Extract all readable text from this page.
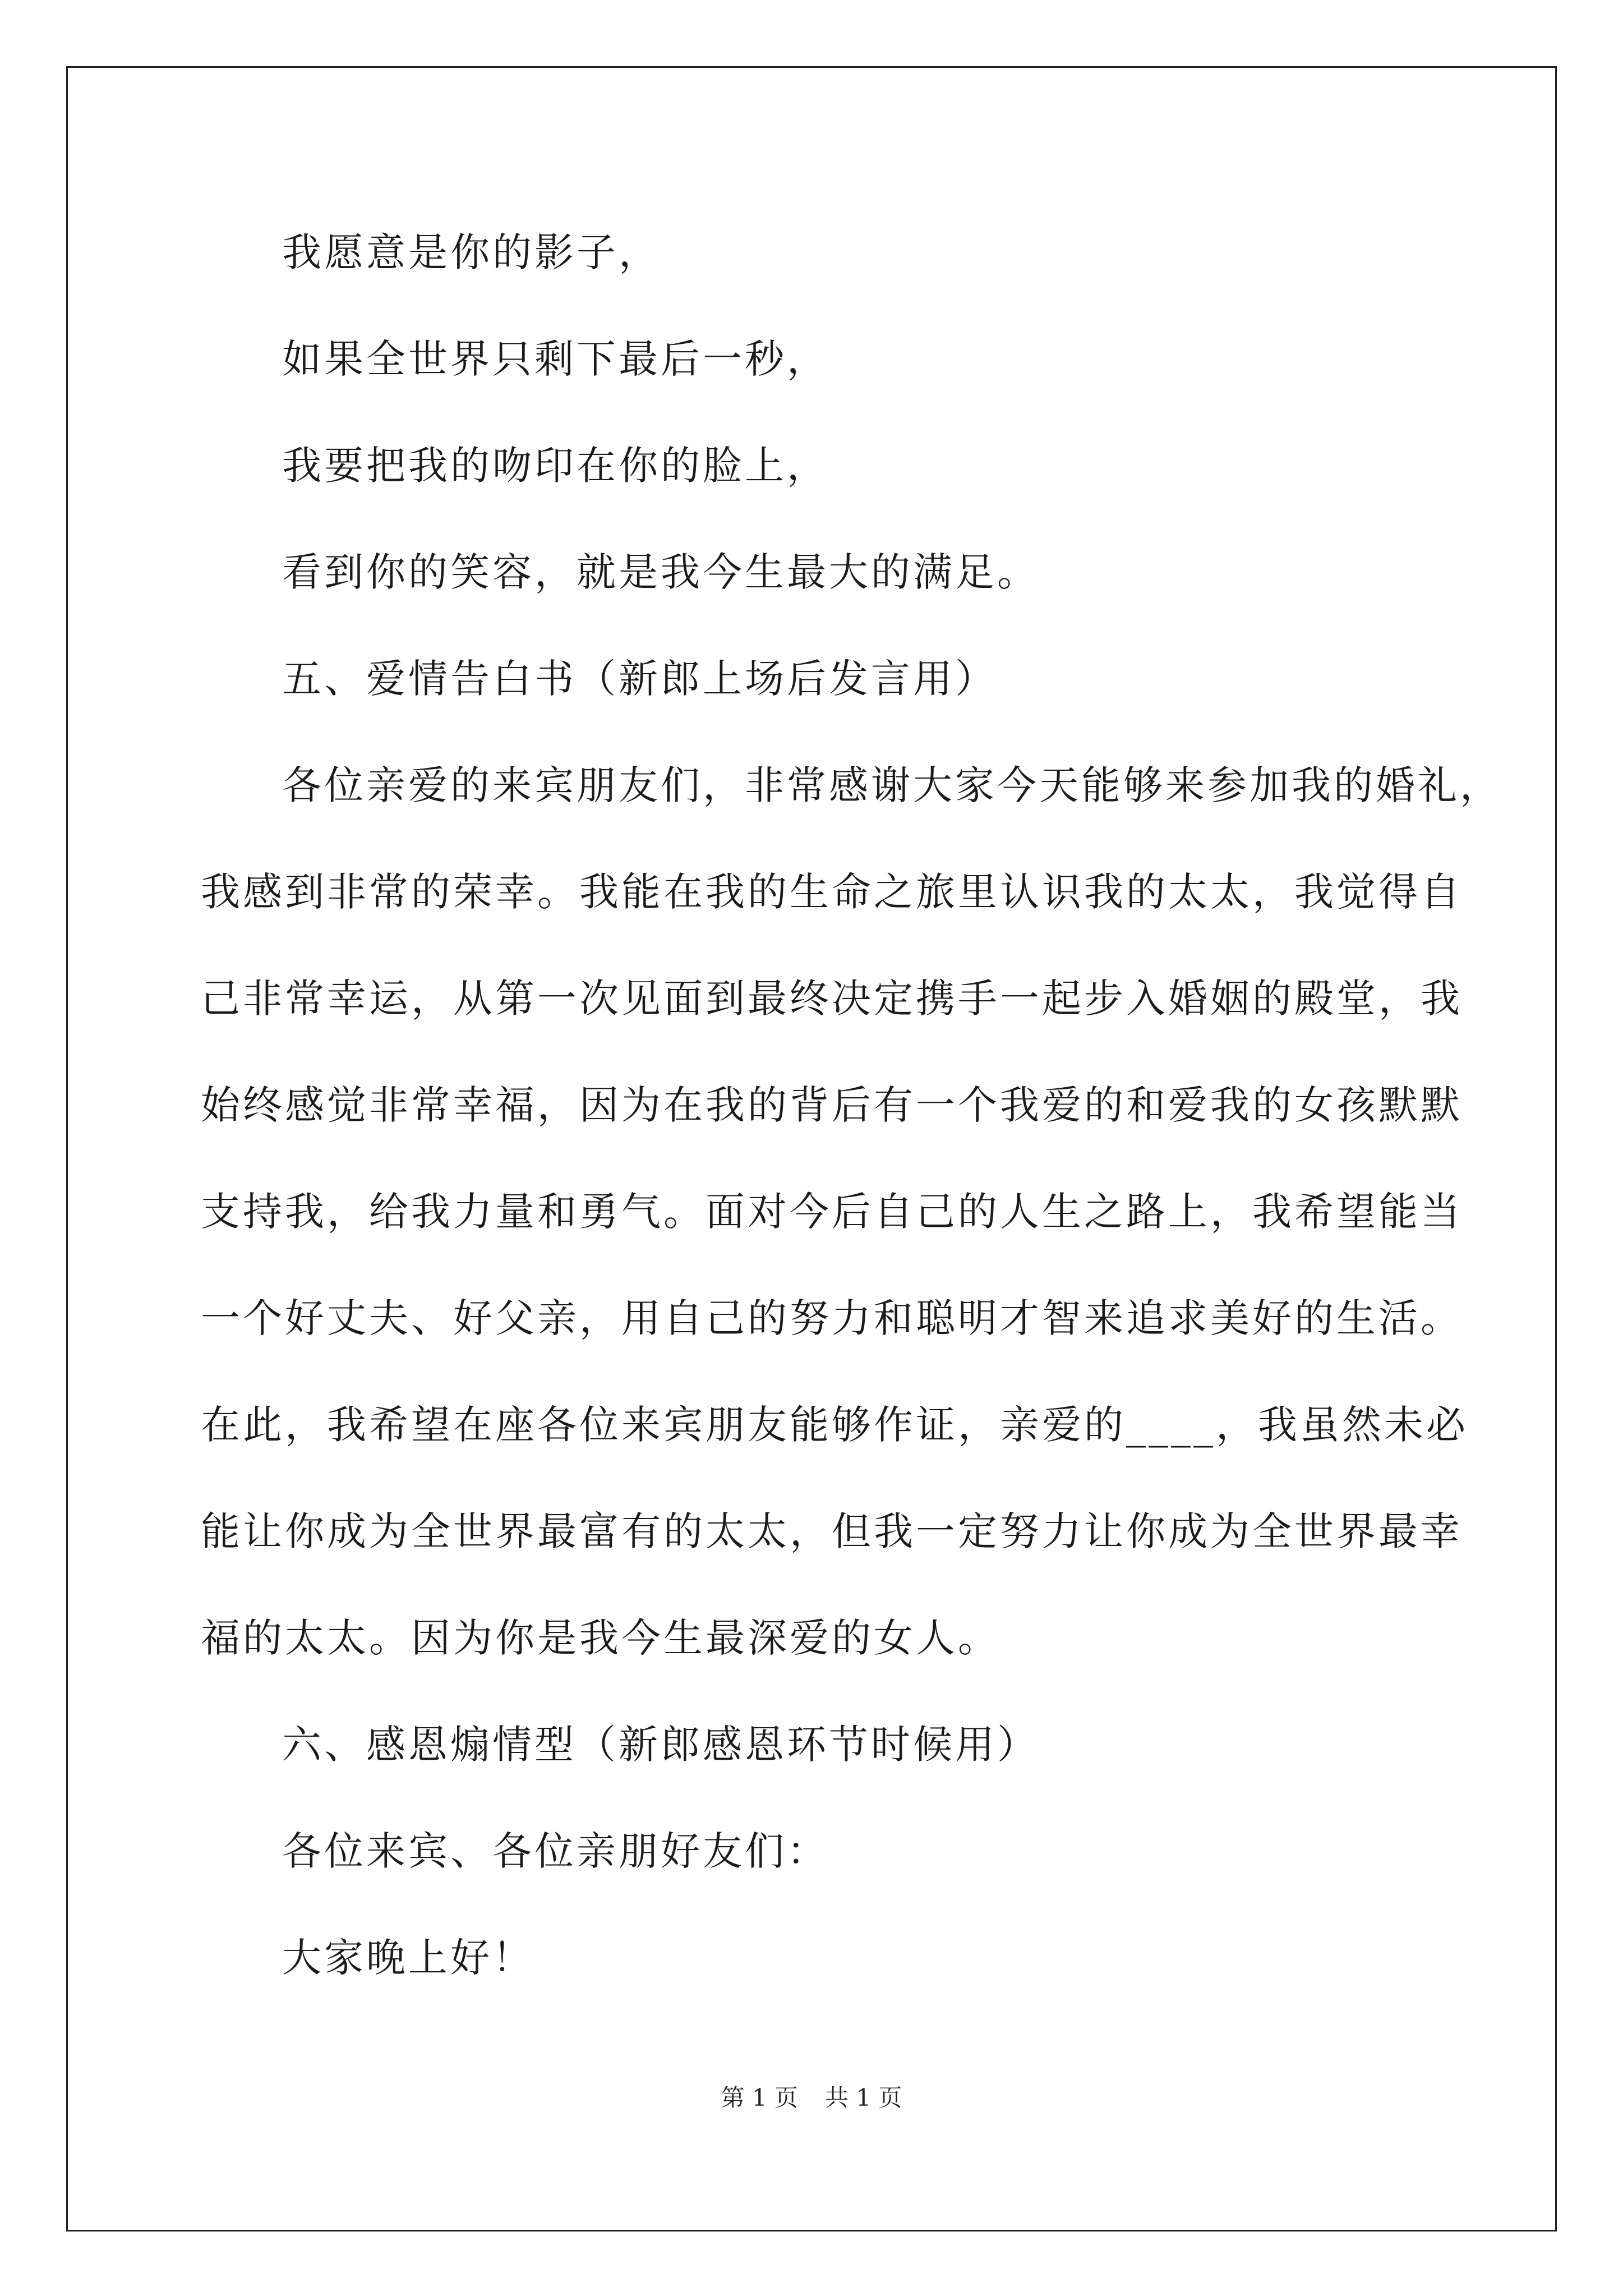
我愿意是你的影子，
如果全世界只剩下最后一秒，
我要把我的吻印在你的脸上，
看到你的笑容，就是我今生最大的满足。
五、爱情告白书（新郎上场后发言用）
各位亲爱的来宾朋友们，非常感谢大家今天能够来参加我的婚礼，
我感到非常的荣幸。我能在我的生命之旅里认识我的太太，我觉得自
己非常幸运，从第一次见面到最终决定携手一起步入婚姻的殿堂，我
始终感觉非常幸福，因为在我的背后有一个我爱的和爱我的女孩默默
支持我，给我力量和勇气。面对今后自己的人生之路上，我希望能当
一个好丈夫、好父亲，用自己的努力和聪明才智来追求美好的生活。
在此，我希望在座各位来宾朋友能够作证，亲爱的____，我虽然未必
能让你成为全世界最富有的太太，但我一定努力让你成为全世界最幸
福的太太。因为你是我今生最深爱的女人。
六、感恩煽情型（新郎感恩环节时候用）
各位来宾、各位亲朋好友们：
大家晚上好！
第 1 页 共 1 页
